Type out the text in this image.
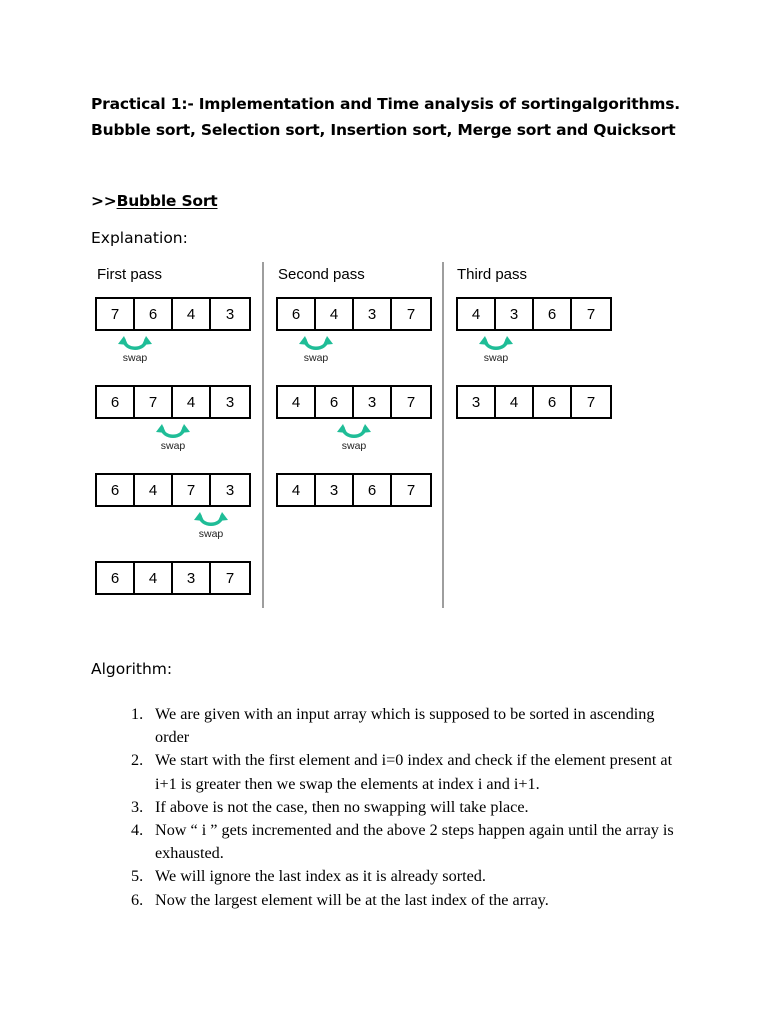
Practical 1:- Implementation and Time analysis of sortingalgorithms.
Bubble sort, Selection sort, Insertion sort, Merge sort and Quicksort
>>Bubble Sort
Explanation:
First pass
7	6	4	3
swap
6	7	4	3
swap
6	4	7	3
swap
6	4	3	7
Second pass
6	4	3	7
swap
4	6	3	7
swap
4	3	6	7
Third pass
4	3	6	7
swap
3	4	6	7
Algorithm:
1. We are given with an input array which is supposed to be sorted in ascending order
2. We start with the first element and i=0 index and check if the element present at i+1 is greater then we swap the elements at index i and i+1.
3. If above is not the case, then no swapping will take place.
4. Now “ i ” gets incremented and the above 2 steps happen again until the array is exhausted.
5. We will ignore the last index as it is already sorted.
6. Now the largest element will be at the last index of the array.
